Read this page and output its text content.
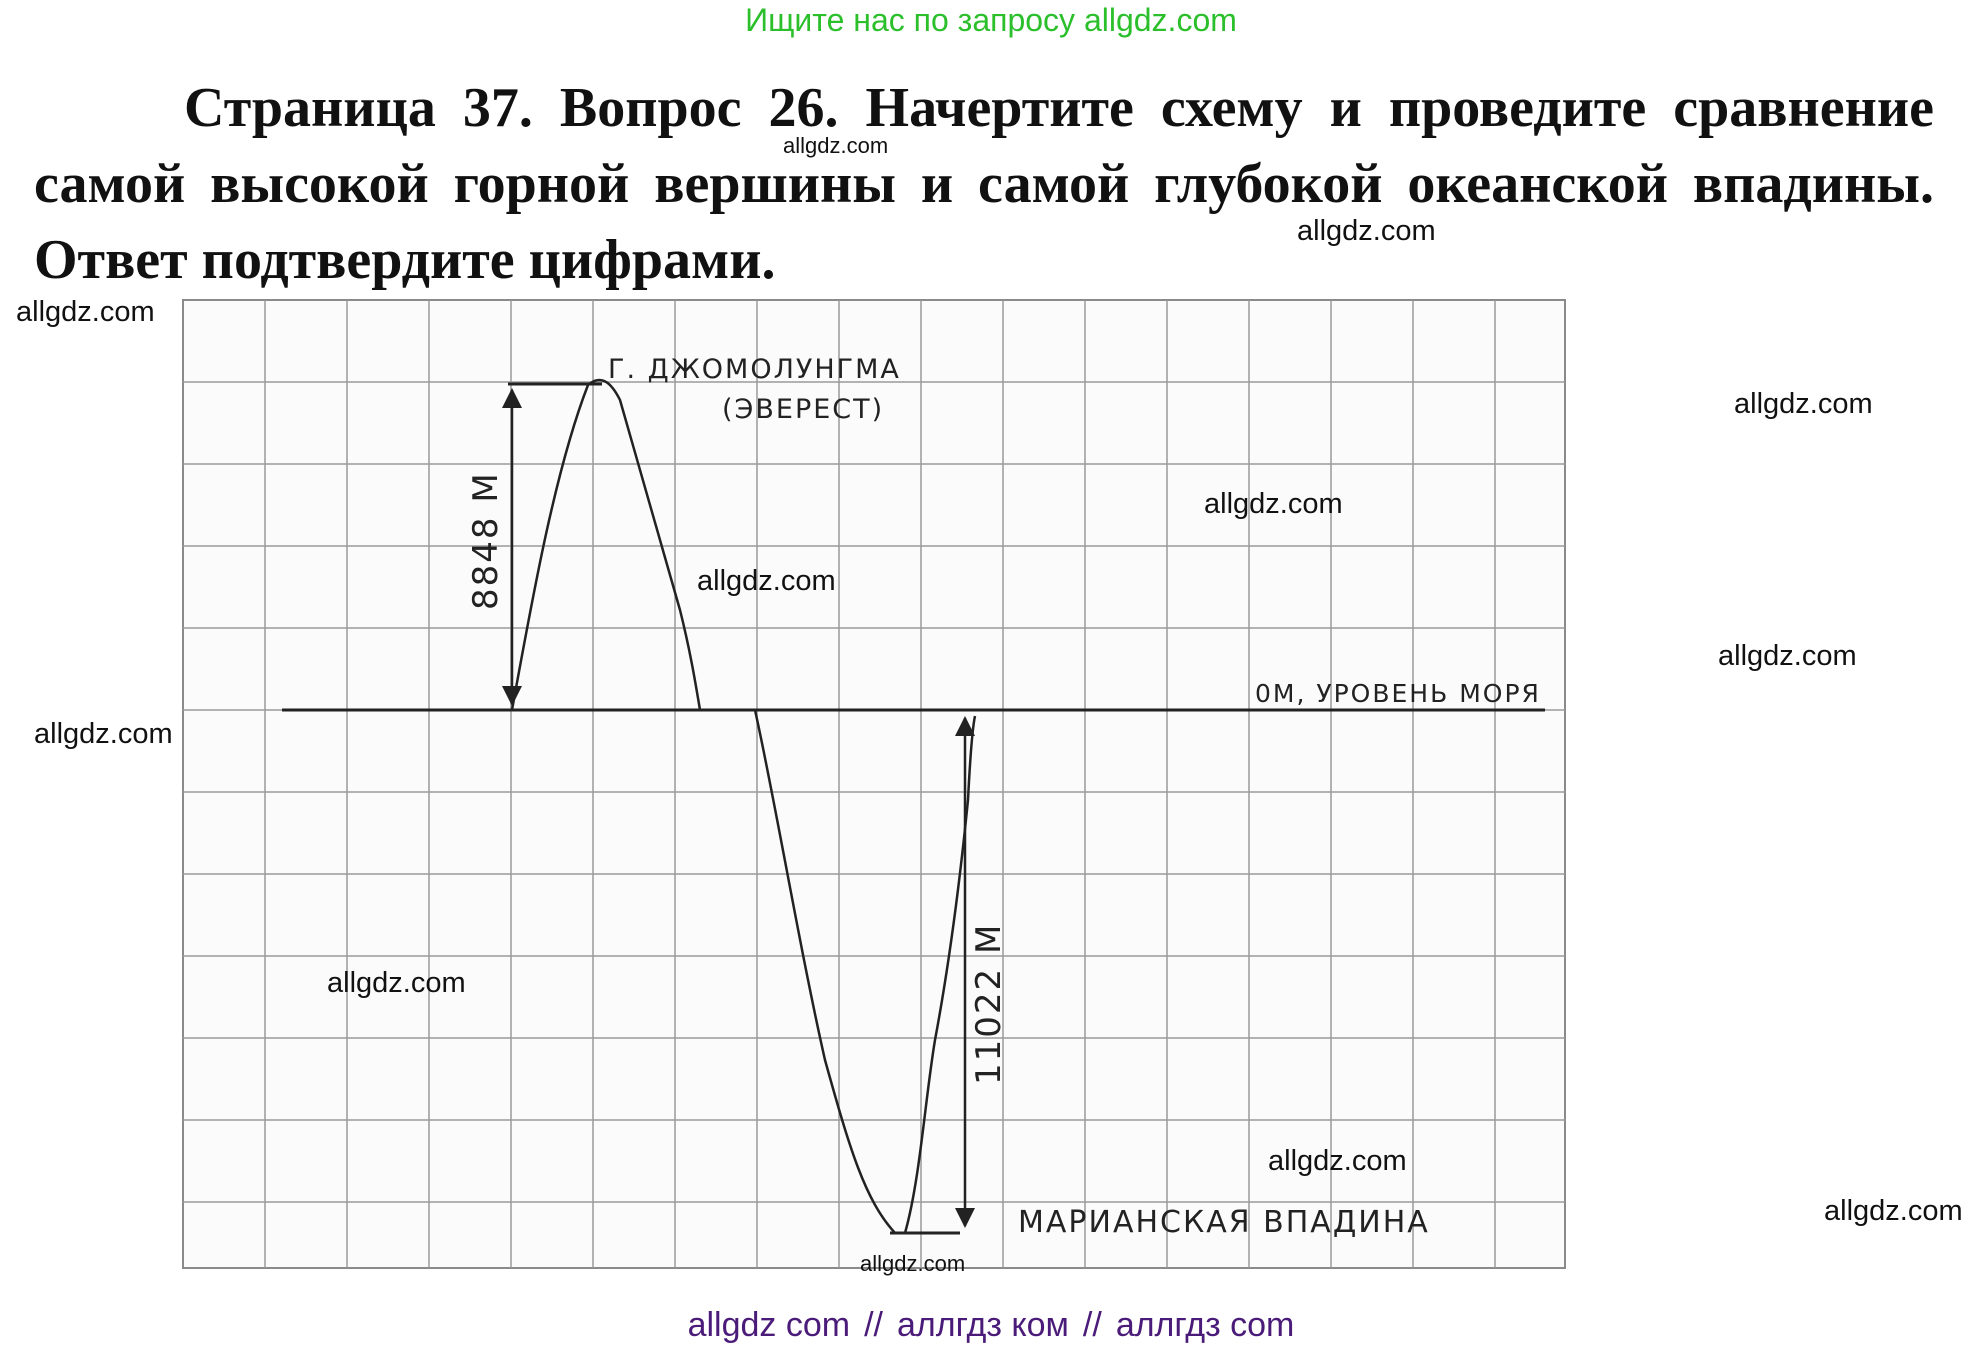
Ищите нас по запросу allgdz.com

Страница 37. Вопрос 26. Начертите схему и проведите сравнение самой высокой горной вершины и самой глубокой океанской впадины. Ответ подтвердите цифрами.

Г. ДЖОМОЛУНГМА
(ЭВЕРЕСТ)
8848 М
0М, УРОВЕНЬ МОРЯ
11022 М
МАРИАНСКАЯ ВПАДИНА
allgdz.com
allgdz.com
allgdz.com
allgdz.com
allgdz.com
allgdz.com
allgdz.com
allgdz.com
allgdz.com
allgdz.com
allgdz.com
allgdz.com
allgdz com // аллгдз ком // аллгдз com
